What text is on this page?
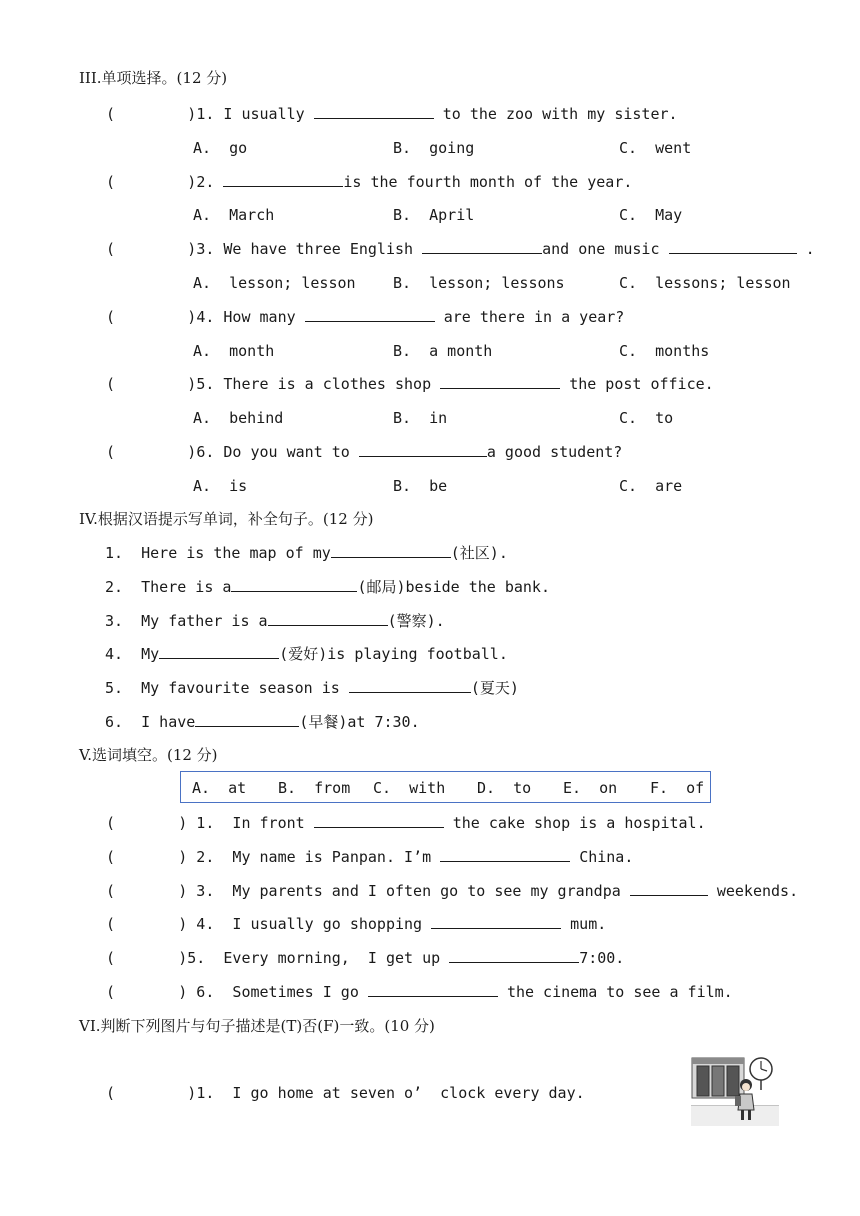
III.单项选择。(12 分)
(        )1. I usually	to the zoo with my sister.
A.  go	B.  going	C.  went
(        )2.	is the fourth month of the year.
A.  March	B.  April	C.  May
(        )3. We have three English	and one music	.
A.  lesson; lesson B.  lesson; lessons	C.  lessons; lesson
(        )4. How many	are there in a year?
A.  month	B.  a month	C.  months
(        )5. There is a clothes shop	the post office.
A.  behind	B.  in	C.  to
(        )6. Do you want to	a good student?
A.  is	B.  be	C.  are
IV.根据汉语提示写单词，补全句子。(12 分)
1.  Here is the map of my	(社区).
2.  There is a	(邮局)beside the bank.
3.  My father is a	(警察).
4.  My	(爱好)is playing football.
5.  My favourite season is	(夏天)
6.  I have	(早餐)at 7:30.
V.选词填空。(12 分)
A.  at B.  from C.  with D.  to E.  on F.  of
(       ) 1.  In front	the cake shop is a hospital.
(       ) 2.  My name is Panpan. I’m	China.
(       ) 3.  My parents and I often go to see my grandpa	weekends.
(       ) 4.  I usually go shopping	mum.
(       )5.  Every morning,  I get up	7:00.
(       ) 6.  Sometimes I go	the cinema to see a film.
VI.判断下列图片与句子描述是(T)否(F)一致。(10 分)
(        )1.  I go home at seven o’  clock every day.
